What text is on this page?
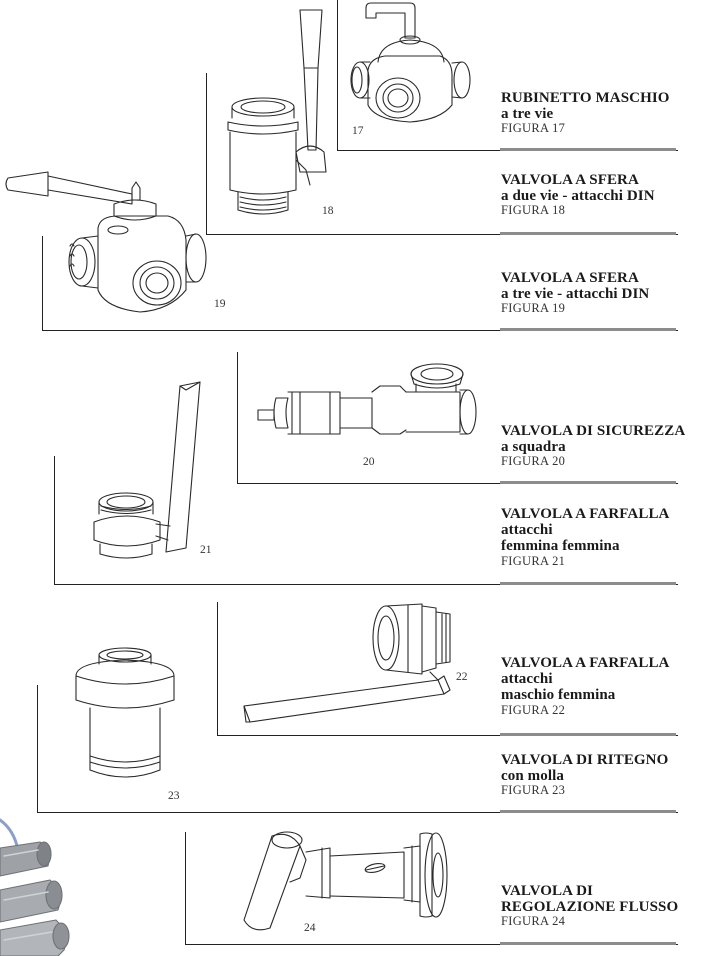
RUBINETTO MASCHIO
a tre vie
FIGURA 17
VALVOLA A SFERA
a due vie - attacchi DIN
FIGURA 18
VALVOLA A SFERA
a tre vie - attacchi DIN
FIGURA 19
VALVOLA DI SICUREZZA
a squadra
FIGURA 20
VALVOLA A FARFALLA
attacchi
femmina femmina
FIGURA 21
VALVOLA A FARFALLA
attacchi
maschio femmina
FIGURA 22
VALVOLA DI RITEGNO
con molla
FIGURA 23
VALVOLA DI
REGOLAZIONE FLUSSO
FIGURA 24
17
18
19
20
21
22
23
24
